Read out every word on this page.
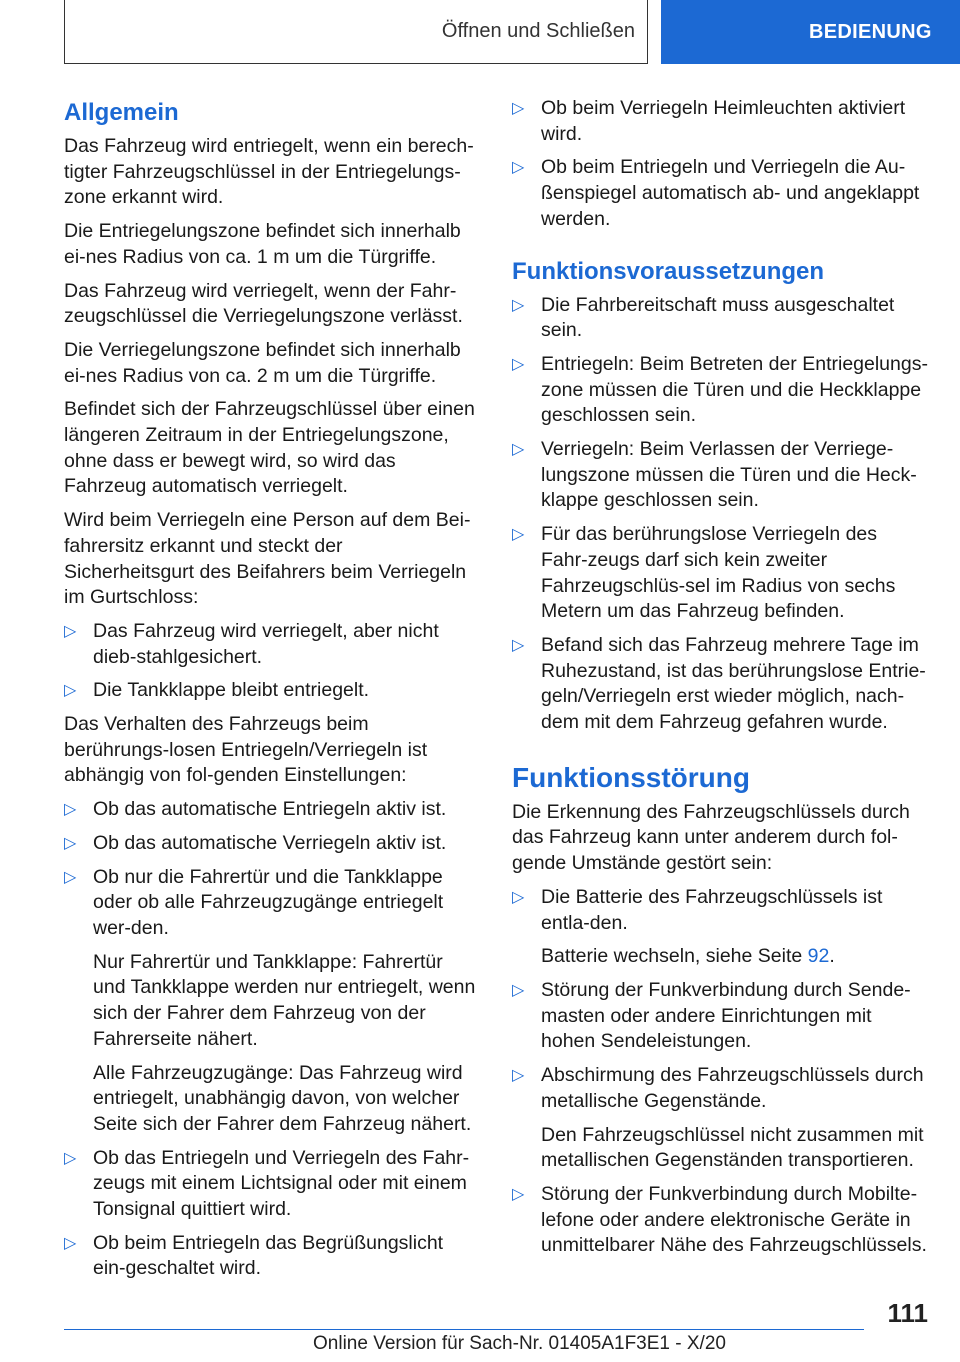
Öffnen und Schließen	BEDIENUNG
Allgemein

Das Fahrzeug wird entriegelt, wenn ein berech-tigter Fahrzeugschlüssel in der Entriegelungs-zone erkannt wird.

Die Entriegelungszone befindet sich innerhalb ei-nes Radius von ca. 1 m um die Türgriffe.

Das Fahrzeug wird verriegelt, wenn der Fahr-zeugschlüssel die Verriegelungszone verlässt.

Die Verriegelungszone befindet sich innerhalb ei-nes Radius von ca. 2 m um die Türgriffe.

Befindet sich der Fahrzeugschlüssel über einen längeren Zeitraum in der Entriegelungszone, ohne dass er bewegt wird, so wird das Fahrzeug automatisch verriegelt.

Wird beim Verriegeln eine Person auf dem Bei-fahrersitz erkannt und steckt der Sicherheitsgurt des Beifahrers beim Verriegeln im Gurtschloss:

▷ Das Fahrzeug wird verriegelt, aber nicht dieb-stahlgesichert.
▷ Die Tankklappe bleibt entriegelt.

Das Verhalten des Fahrzeugs beim berührungs-losen Entriegeln/Verriegeln ist abhängig von fol-genden Einstellungen:

▷ Ob das automatische Entriegeln aktiv ist.
▷ Ob das automatische Verriegeln aktiv ist.
▷ Ob nur die Fahrertür und die Tankklappe oder ob alle Fahrzeugzugänge entriegelt wer-den.

Nur Fahrertür und Tankklappe: Fahrertür und Tankklappe werden nur entriegelt, wenn sich der Fahrer dem Fahrzeug von der Fahrerseite nähert.

Alle Fahrzeugzugänge: Das Fahrzeug wird entriegelt, unabhängig davon, von welcher Seite sich der Fahrer dem Fahrzeug nähert.

▷ Ob das Entriegeln und Verriegeln des Fahr-zeugs mit einem Lichtsignal oder mit einem Tonsignal quittiert wird.
▷ Ob beim Entriegeln das Begrüßungslicht ein-geschaltet wird.
▷ Ob beim Verriegeln Heimleuchten aktiviert wird.
▷ Ob beim Entriegeln und Verriegeln die Au-ßenspiegel automatisch ab- und angeklappt werden.
Funktionsvoraussetzungen
▷ Die Fahrbereitschaft muss ausgeschaltet sein.
▷ Entriegeln: Beim Betreten der Entriegelungs-zone müssen die Türen und die Heckklappe geschlossen sein.
▷ Verriegeln: Beim Verlassen der Verriege-lungszone müssen die Türen und die Heck-klappe geschlossen sein.
▷ Für das berührungslose Verriegeln des Fahr-zeugs darf sich kein zweiter Fahrzeugschlüs-sel im Radius von sechs Metern um das Fahrzeug befinden.
▷ Befand sich das Fahrzeug mehrere Tage im Ruhezustand, ist das berührungslose Entrie-geln/Verriegeln erst wieder möglich, nach-dem mit dem Fahrzeug gefahren wurde.
Funktionsstörung

Die Erkennung des Fahrzeugschlüssels durch das Fahrzeug kann unter anderem durch fol-gende Umstände gestört sein:

▷ Die Batterie des Fahrzeugschlüssels ist entla-den.

Batterie wechseln, siehe Seite 92.

▷ Störung der Funkverbindung durch Sende-masten oder andere Einrichtungen mit hohen Sendeleistungen.
▷ Abschirmung des Fahrzeugschlüssels durch metallische Gegenstände.

Den Fahrzeugschlüssel nicht zusammen mit metallischen Gegenständen transportieren.

▷ Störung der Funkverbindung durch Mobilte-lefone oder andere elektronische Geräte in unmittelbarer Nähe des Fahrzeugschlüssels.
111
Online Version für Sach-Nr. 01405A1F3E1 - X/20
